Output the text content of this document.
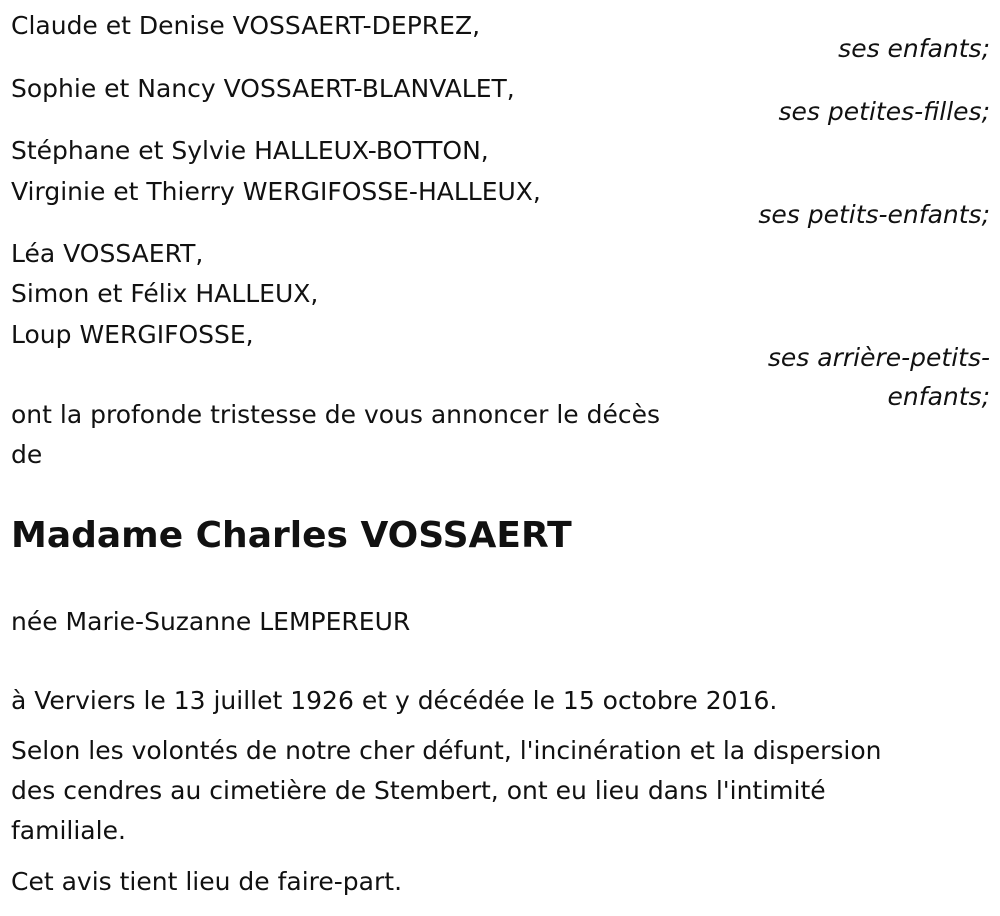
Claude et Denise VOSSAERT-DEPREZ,
ses enfants;
Sophie et Nancy VOSSAERT-BLANVALET,
ses petites-filles;
Stéphane et Sylvie HALLEUX-BOTTON,
Virginie et Thierry WERGIFOSSE-HALLEUX,
ses petits-enfants;
Léa VOSSAERT,
Simon et Félix HALLEUX,
Loup WERGIFOSSE,
ses arrière-petits-
enfants;
ont la profonde tristesse de vous annoncer le décès
de
Madame Charles VOSSAERT
née Marie-Suzanne LEMPEREUR
à Verviers le 13 juillet 1926 et y décédée le 15 octobre 2016.
Selon les volontés de notre cher défunt, l'incinération et la dispersion
des cendres au cimetière de Stembert, ont eu lieu dans l'intimité
familiale.
Cet avis tient lieu de faire-part.
